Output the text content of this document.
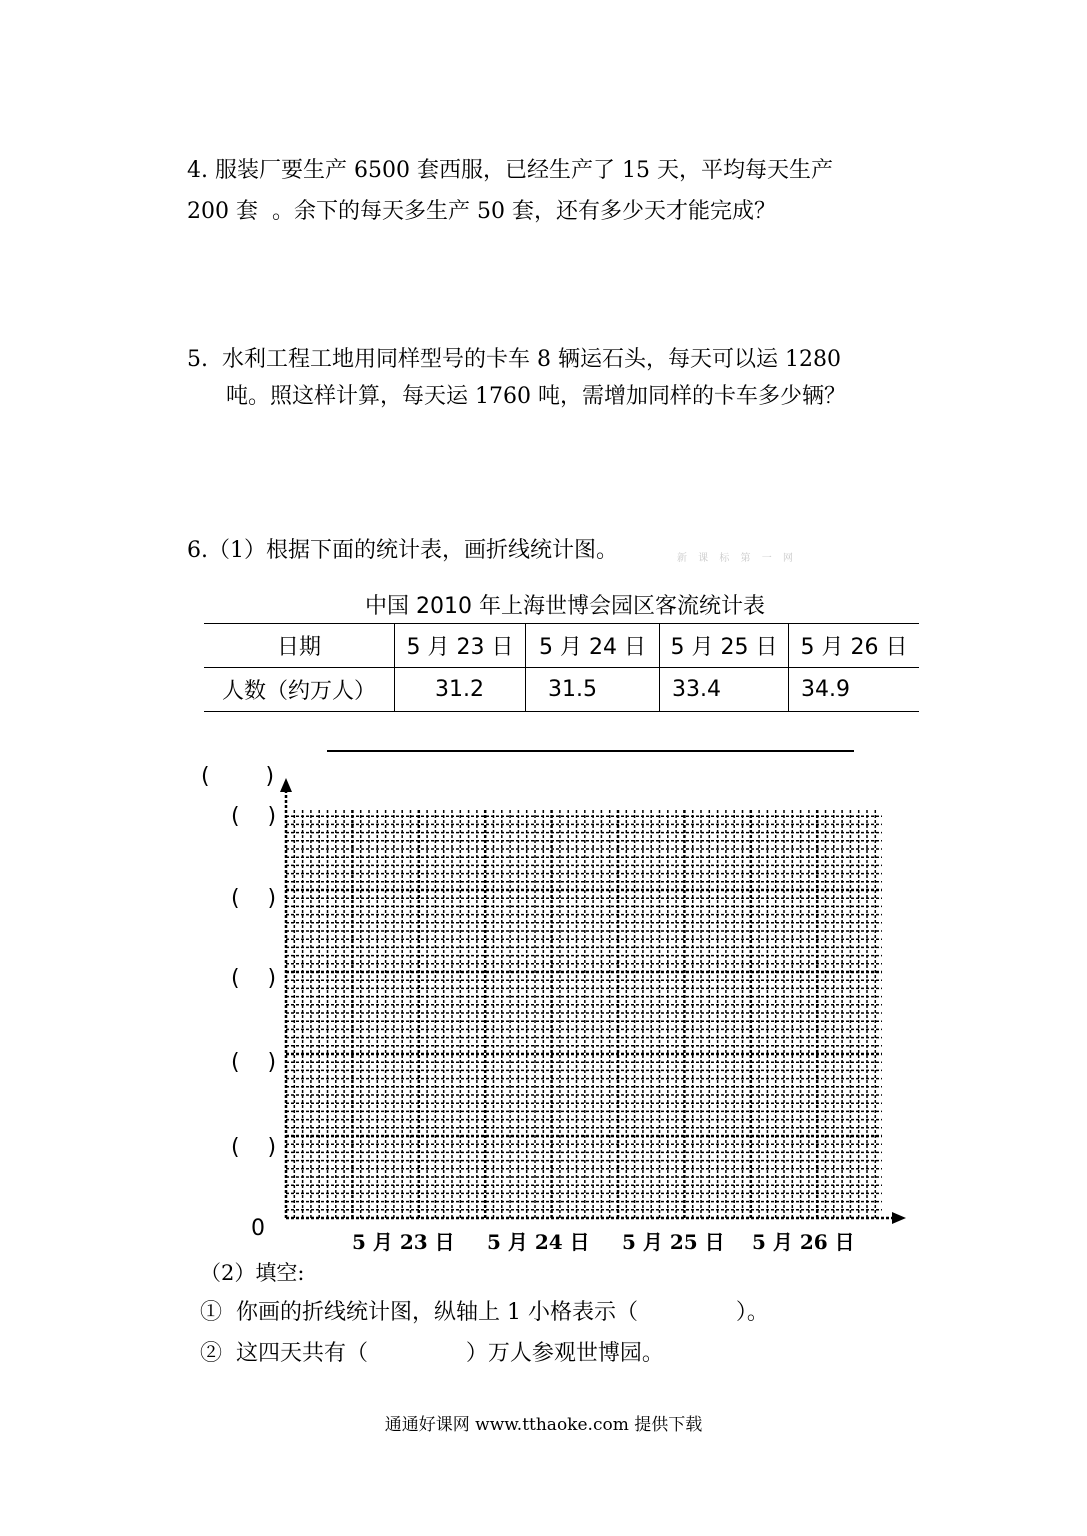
4. 服装厂要生产 6500 套西服，已经生产了 15 天，平均每天生产
200 套  。余下的每天多生产 50 套，还有多少天才能完成？
5.  水利工程工地用同样型号的卡车 8 辆运石头，每天可以运 1280
吨。照这样计算，每天运 1760 吨，需增加同样的卡车多少辆？
6.（1）根据下面的统计表，画折线统计图。	新 课 标 第 一 网
中国 2010 年上海世博会园区客流统计表
日期	5 月 23 日	5 月 24 日	5 月 25 日	5 月 26 日
人数（约万人）	31.2	31.5	33.4	34.9
(        )
(    )
(    )
(    )
(    )
(    )
0
5 月 23 日 5 月 24 日 5 月 25 日 5 月 26 日
（2）填空:
①  你画的折线统计图，纵轴上 1 小格表示（              ）。
②  这四天共有（              ）万人参观世博园。
通通好课网 www.tthaoke.com 提供下载
